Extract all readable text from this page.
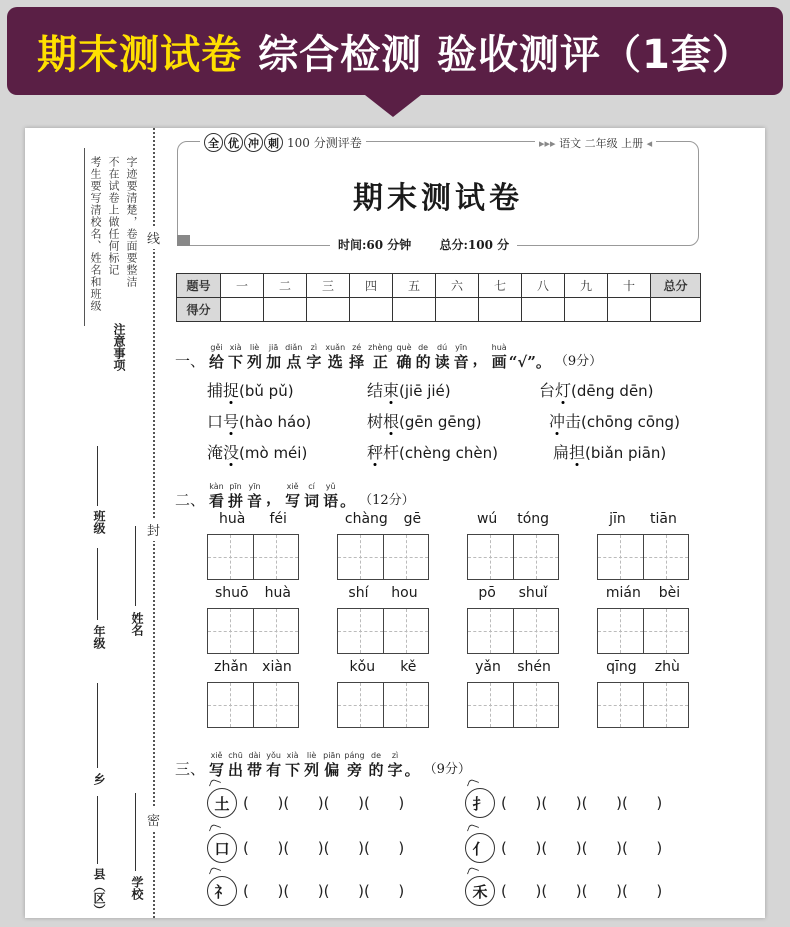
期末测试卷 综合检测 验收测评（1套）
考生要写清校名、姓名和班级 不在试卷上做任何标记 字迹要清楚，卷面要整洁
注意事项
班级
年级
姓名
乡
县（区） 学校
线
封
密
全 优 冲 刺 100 分测评卷	▸▸▸ 语文 二年级 上册 ◂
期末测试卷
时间:60 分钟 总分:100 分
题号	一	二	三	四	五	六	七	八	九	十	总分
得分											
一、
gěi
给
xià
下
liè
列
jiā
加
diǎn
点
zì
字
xuǎn
选
zé
择
zhèng
正
què
确
de
的
dú
读
yīn
音 ，
huà
画 “√”。 （9分）
捕捉(bǔ pǔ)	结束(jiē jié)	台灯(dēng dēn)
口号(hào háo)	树根(gēn gēng)	冲击(chōng cōng)
淹没(mò méi)	秤杆(chèng chèn)	扁担(biǎn piān)
二、
kàn
看
pīn
拼
yīn
音 ，
xiě
写
cí
词
yǔ
语 。 （12分）
huà féi	chàng gē	wú tóng	jīn tiān
shuō huà	shí hou	pō shuǐ	mián bèi
zhǎn xiàn	kǒu kě	yǎn shén	qīng zhù
三、
xiě
写
chū
出
dài
带
yǒu
有
xià
下
liè
列
piān
偏
páng
旁
de
的
zì
字 。 （9分）
土 (      )(      )(      )(      )	扌 (      )(      )(      )(      )
口 (      )(      )(      )(      )	亻 (      )(      )(      )(      )
礻 (      )(      )(      )(      )	禾 (      )(      )(      )(      )
